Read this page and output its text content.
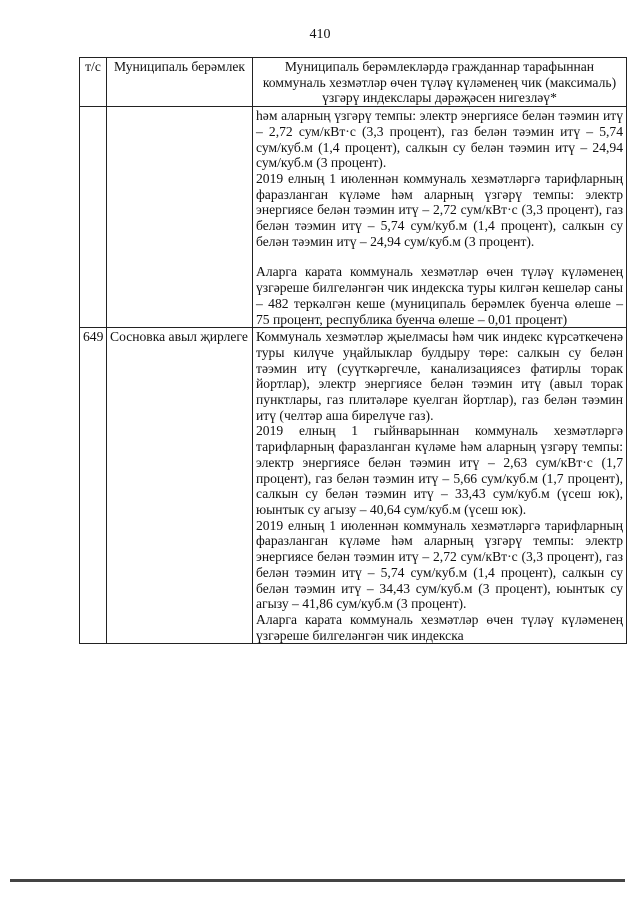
410
т/с	Муниципаль берәмлек	Муниципаль берәмлекләрдә гражданнар тарафыннан коммуналь хезмәтләр өчен түләү күләменең чик (максималь) үзгәрү индекслары дәрәҗәсен нигезләү*

		һәм аларның үзгәрү темпы: электр энергиясе белән тәэмин итү – 2,72 сум/кВт·с (3,3 процент), газ белән тәэмин итү – 5,74 сум/куб.м (1,4 процент), салкын су белән тәэмин итү – 24,94 сум/куб.м (3 процент).

2019 елның 1 июленнән коммуналь хезмәтләргә тарифларның фаразланган күләме һәм аларның үзгәрү темпы: электр энергиясе белән тәэмин итү – 2,72 сум/кВт·с (3,3 процент), газ белән тәэмин итү – 5,74 сум/куб.м (1,4 процент), салкын су белән тәэмин итү – 24,94 сум/куб.м (3 процент).

Аларга карата коммуналь хезмәтләр өчен түләү күләменең үзгәреше билгеләнгән чик индекска туры килгән кешеләр саны – 482 теркәлгән кеше (муниципаль берәмлек буенча өлеше – 75 процент, республика буенча өлеше – 0,01 процент)

649	Сосновка авыл җирлеге	Коммуналь хезмәтләр җыелмасы һәм чик индекс күрсәткеченә туры килүче уңайлыклар булдыру төре: салкын су белән тәэмин итү (суүткәргечле, канализациясез фатирлы торак йортлар), электр энергиясе белән тәэмин итү (авыл торак пунктлары, газ плитәләре куелган йортлар), газ белән тәэмин итү (челтәр аша бирелүче газ).

2019 елның 1 гыйнварыннан коммуналь хезмәтләргә тарифларның фаразланган күләме һәм аларның үзгәрү темпы: электр энергиясе белән тәэмин итү – 2,63 сум/кВт·с (1,7 процент), газ белән тәэмин итү – 5,66 сум/куб.м (1,7 процент), салкын су белән тәэмин итү – 33,43 сум/куб.м (үсеш юк), юынтык су агызу – 40,64 сум/куб.м (үсеш юк).

2019 елның 1 июленнән коммуналь хезмәтләргә тарифларның фаразланган күләме һәм аларның үзгәрү темпы: электр энергиясе белән тәэмин итү – 2,72 сум/кВт·с (3,3 процент), газ белән тәэмин итү – 5,74 сум/куб.м (1,4 процент), салкын су белән тәэмин итү – 34,43 сум/куб.м (3 процент), юынтык су агызу – 41,86 сум/куб.м (3 процент).

Аларга карата коммуналь хезмәтләр өчен түләү күләменең үзгәреше билгеләнгән чик индекска
